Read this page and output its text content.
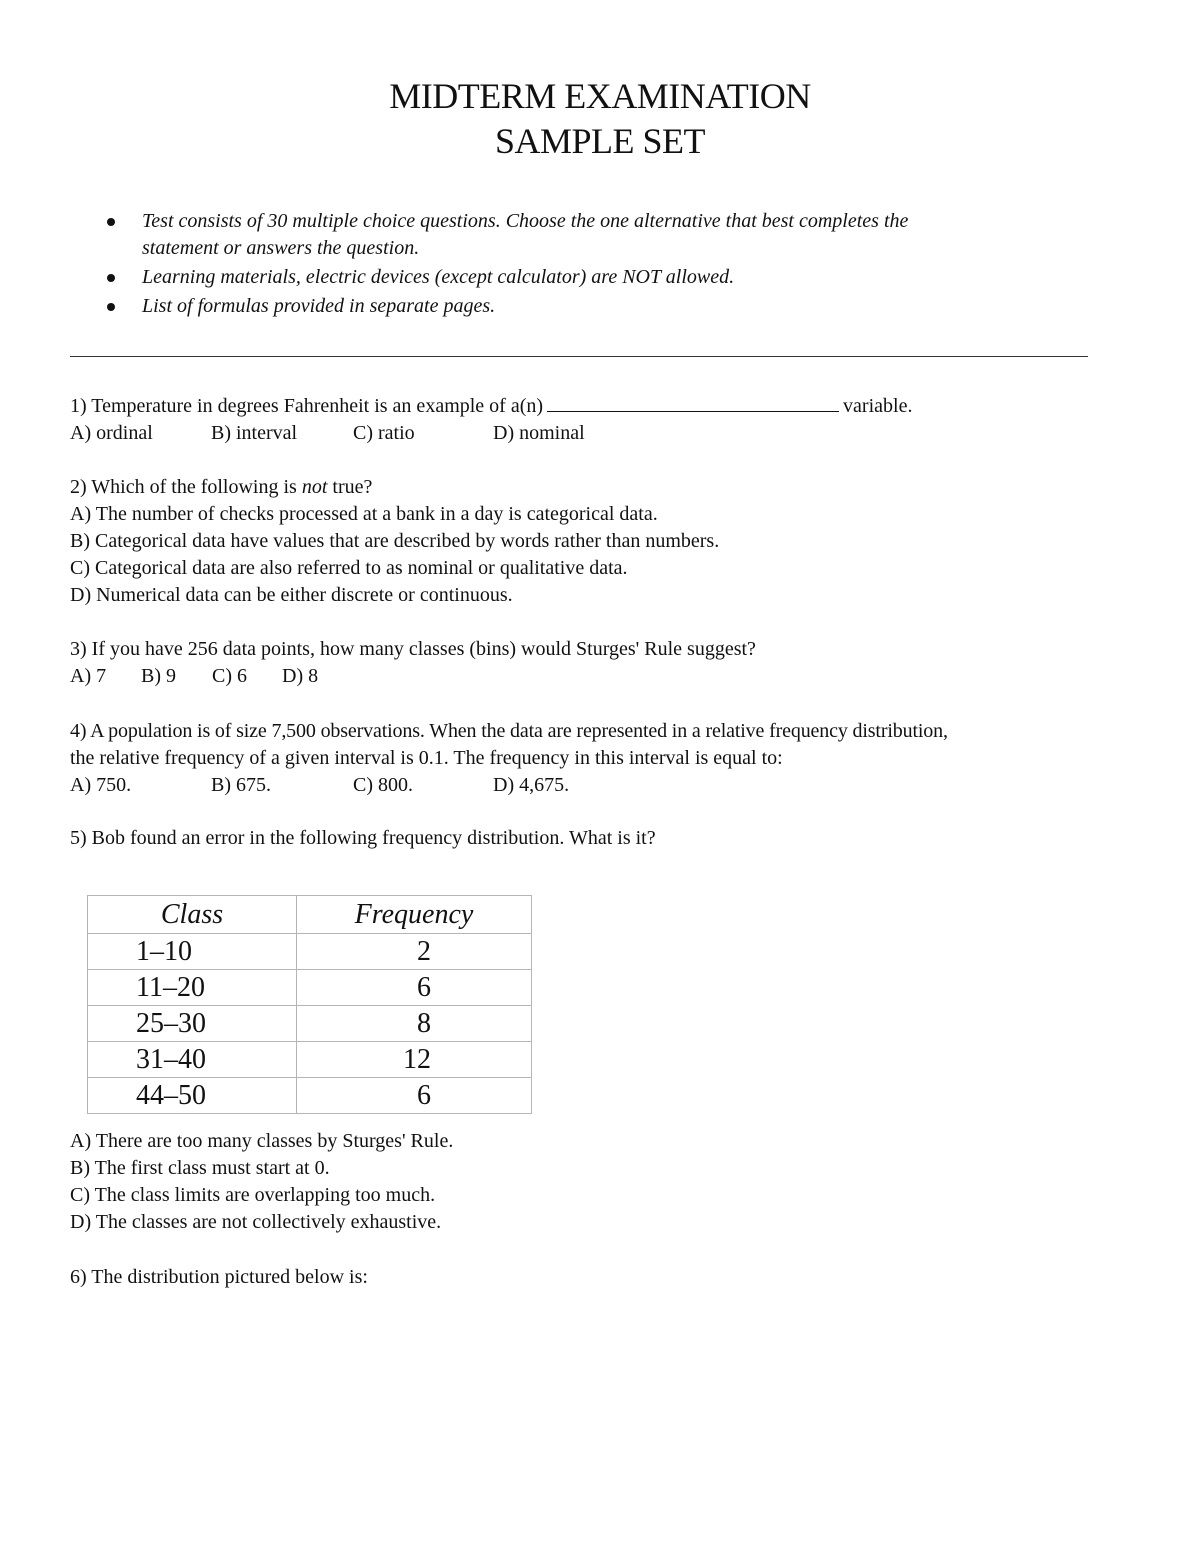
MIDTERM EXAMINATION
SAMPLE SET
Test consists of 30 multiple choice questions. Choose the one alternative that best completes the
statement or answers the question.
Learning materials, electric devices (except calculator) are NOT allowed.
List of formulas provided in separate pages.
1) Temperature in degrees Fahrenheit is an example of a(n)	variable.
A) ordinal	B) interval	C) ratio	D) nominal
2) Which of the following is not true?
A) The number of checks processed at a bank in a day is categorical data.
B) Categorical data have values that are described by words rather than numbers.
C) Categorical data are also referred to as nominal or qualitative data.
D) Numerical data can be either discrete or continuous.
3) If you have 256 data points, how many classes (bins) would Sturges' Rule suggest?
A) 7 B) 9 C) 6 D) 8
4) A population is of size 7,500 observations. When the data are represented in a relative frequency distribution,
the relative frequency of a given interval is 0.1. The frequency in this interval is equal to:
A) 750.	B) 675.	C) 800.	D) 4,675.
5) Bob found an error in the following frequency distribution. What is it?
Class	Frequency
1–10	2
11–20	6
25–30	8
31–40	12
44–50	6
A) There are too many classes by Sturges' Rule.
B) The first class must start at 0.
C) The class limits are overlapping too much.
D) The classes are not collectively exhaustive.
6) The distribution pictured below is:
